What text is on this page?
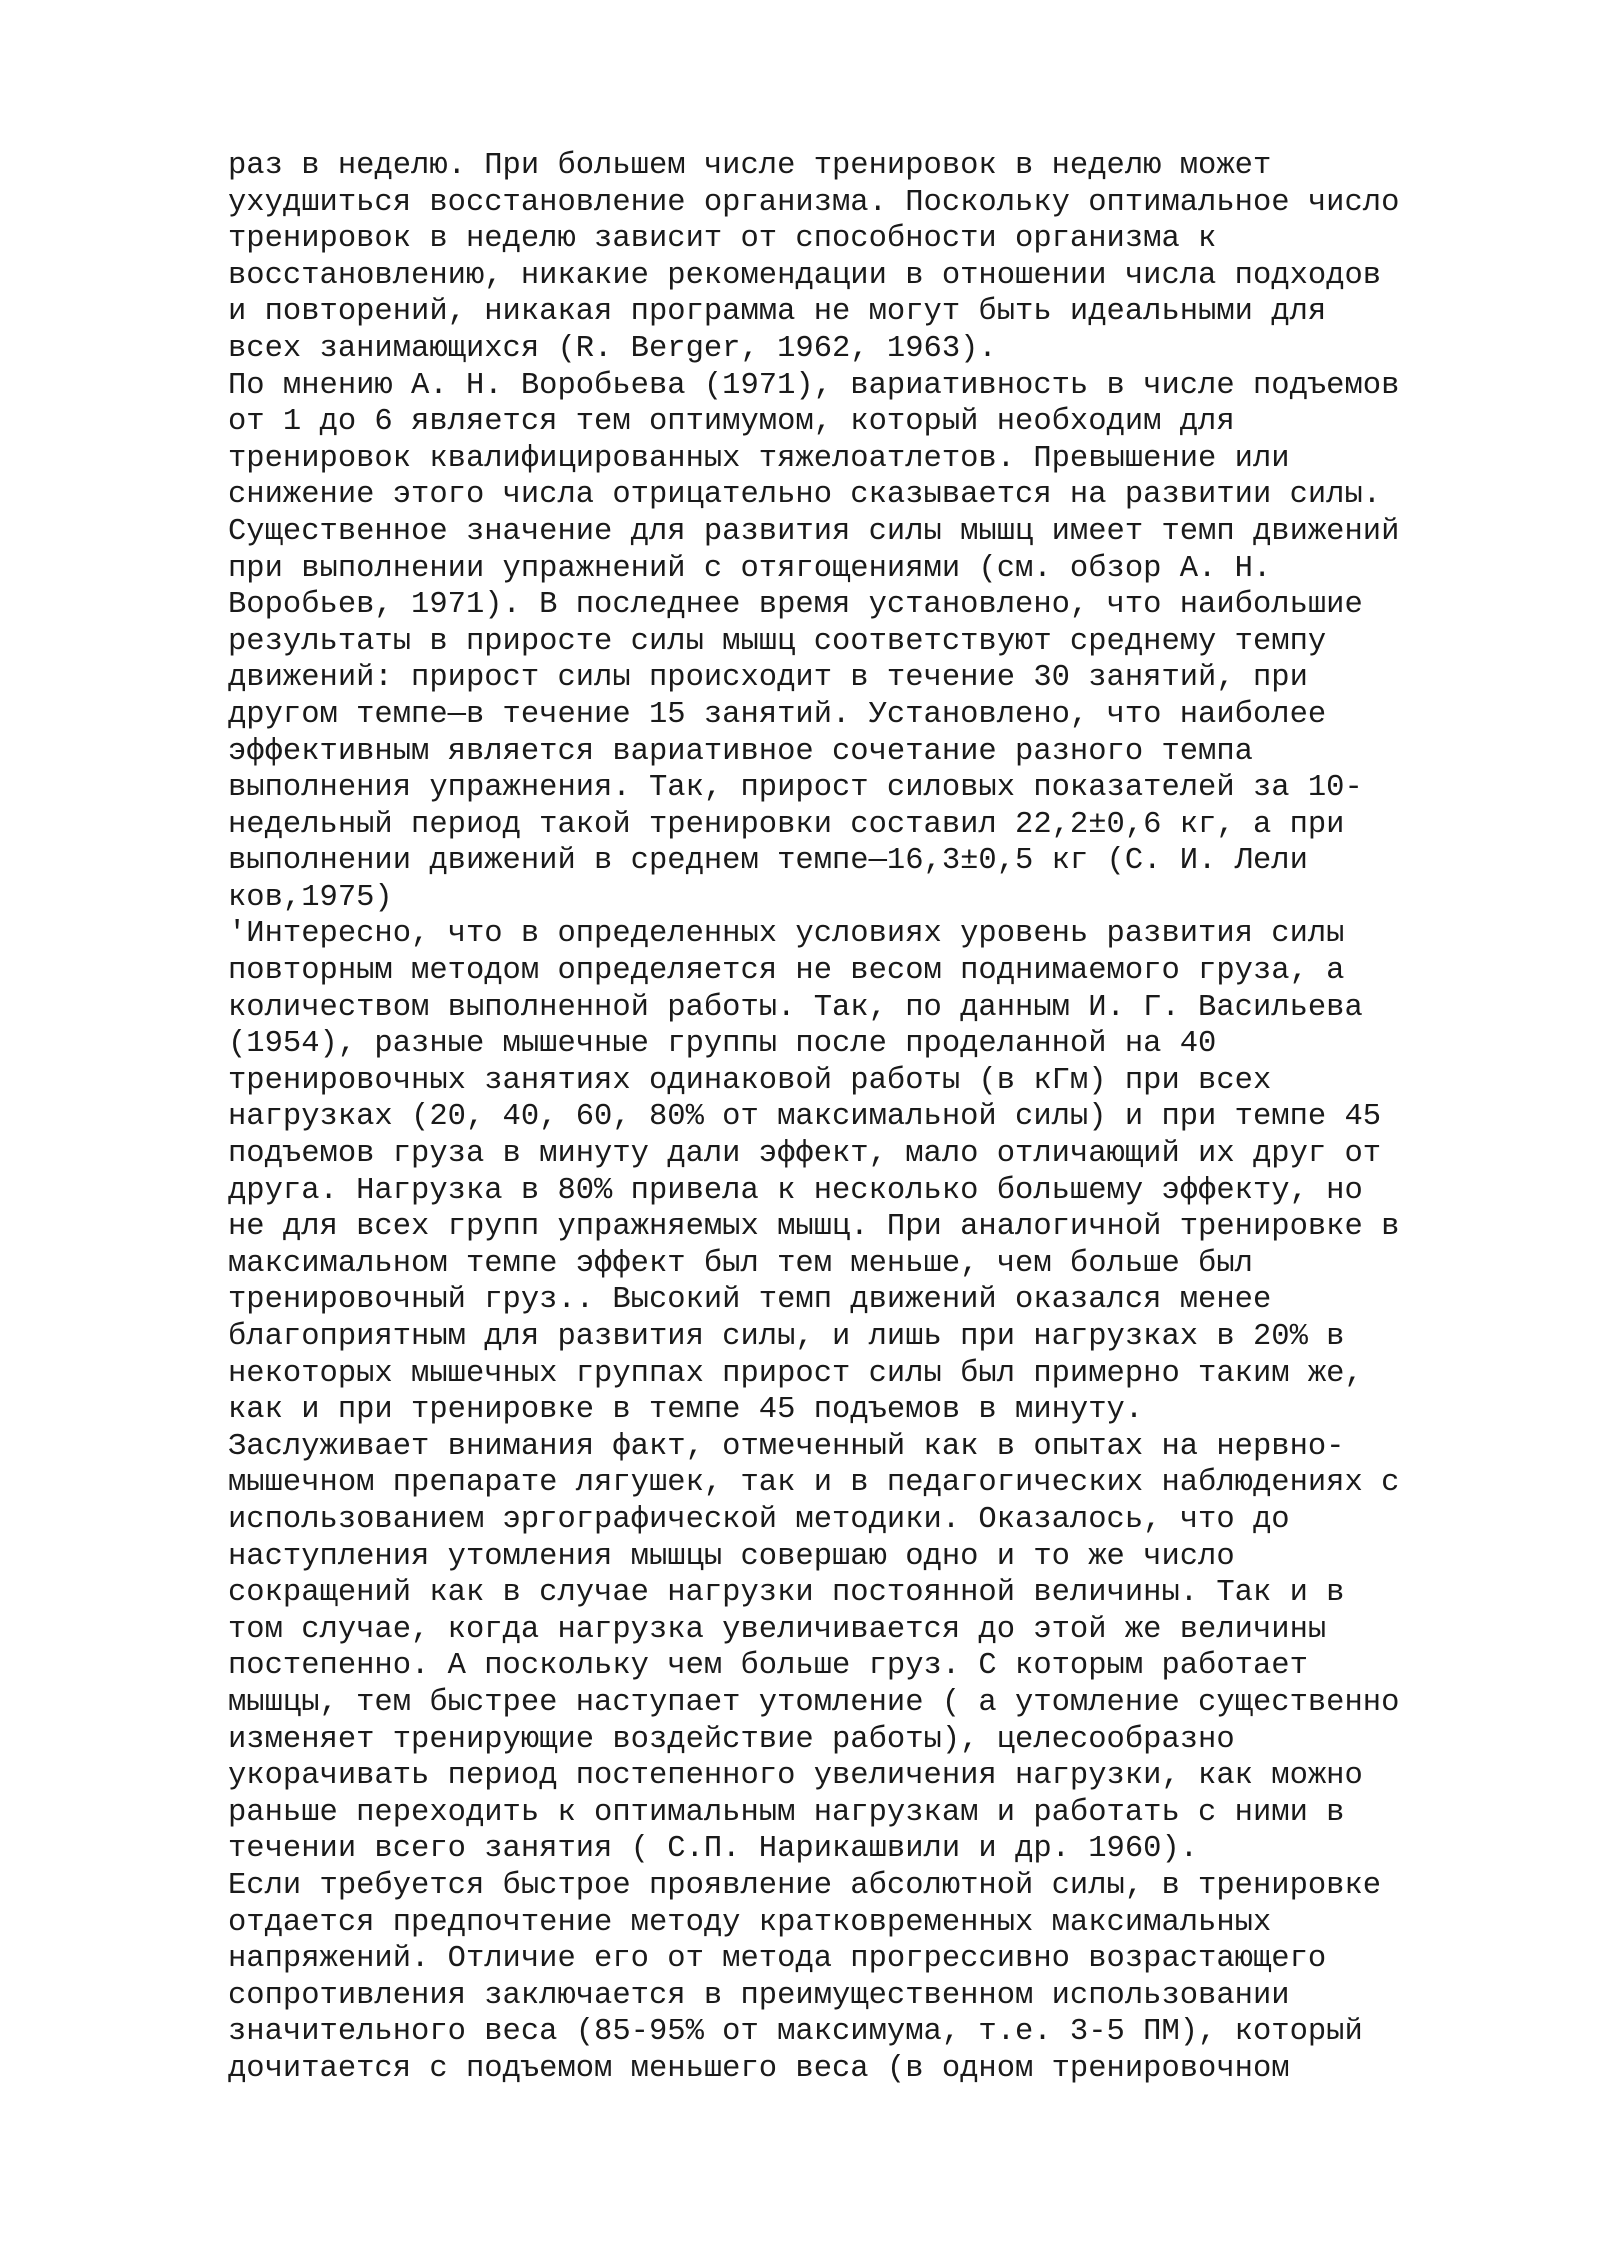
раз в неделю. При большем числе тренировок в неделю может
ухудшиться восстановление организма. Поскольку оптимальное число
тренировок в неделю зависит от способности организма к
восстановлению, никакие рекомендации в отношении числа подходов
и повторений, никакая программа не могут быть идеальными для
всех занимающихся (R. Berger, 1962, 1963).
По мнению А. Н. Воробьева (1971), вариативность в числе подъемов
от 1 до 6 является тем оптимумом, который необходим для
тренировок квалифицированных тяжелоатлетов. Превышение или
снижение этого числа отрицательно сказывается на развитии силы.
Существенное значение для развития силы мышц имеет темп движений
при выполнении упражнений с отягощениями (см. обзор А. Н.
Воробьев, 1971). В последнее время установлено, что наибольшие
результаты в приросте силы мышц соответствуют среднему темпу
движений: прирост силы происходит в течение 30 занятий, при
другом темпе—в течение 15 занятий. Установлено, что наиболее
эффективным является вариативное сочетание разного темпа
выполнения упражнения. Так, прирост силовых показателей за 10-
недельный период такой тренировки составил 22,2±0,6 кг, а при
выполнении движений в среднем темпе—16,3±0,5 кг (С. И. Лели
ков,1975)
'Интересно, что в определенных условиях уровень развития силы
повторным методом определяется не весом поднимаемого груза, а
количеством выполненной работы. Так, по данным И. Г. Васильева
(1954), разные мышечные группы после проделанной на 40
тренировочных занятиях одинаковой работы (в кГм) при всех
нагрузках (20, 40, 60, 80% от максимальной силы) и при темпе 45
подъемов груза в минуту дали эффект, мало отличающий их друг от
друга. Нагрузка в 80% привела к несколько большему эффекту, но
не для всех групп упражняемых мышц. При аналогичной тренировке в
максимальном темпе эффект был тем меньше, чем больше был
тренировочный груз.. Высокий темп движений оказался менее
благоприятным для развития силы, и лишь при нагрузках в 20% в
некоторых мышечных группах прирост силы был примерно таким же,
как и при тренировке в темпе 45 подъемов в минуту.
Заслуживает внимания факт, отмеченный как в опытах на нервно-
мышечном препарате лягушек, так и в педагогических наблюдениях с
использованием эргографической методики. Оказалось, что до
наступления утомления мышцы совершаю одно и то же число
сокращений как в случае нагрузки постоянной величины. Так и в
том случае, когда нагрузка увеличивается до этой же величины
постепенно. А поскольку чем больше груз. С которым работает
мышцы, тем быстрее наступает утомление ( а утомление существенно
изменяет тренирующие воздействие работы), целесообразно
укорачивать период постепенного увеличения нагрузки, как можно
раньше переходить к оптимальным нагрузкам и работать с ними в
течении всего занятия ( С.П. Нарикашвили и др. 1960).
Если требуется быстрое проявление абсолютной силы, в тренировке
отдается предпочтение методу кратковременных максимальных
напряжений. Отличие его от метода прогрессивно возрастающего
сопротивления заключается в преимущественном использовании
значительного веса (85-95% от максимума, т.е. 3-5 ПМ), который
дочитается с подъемом меньшего веса (в одном тренировочном
